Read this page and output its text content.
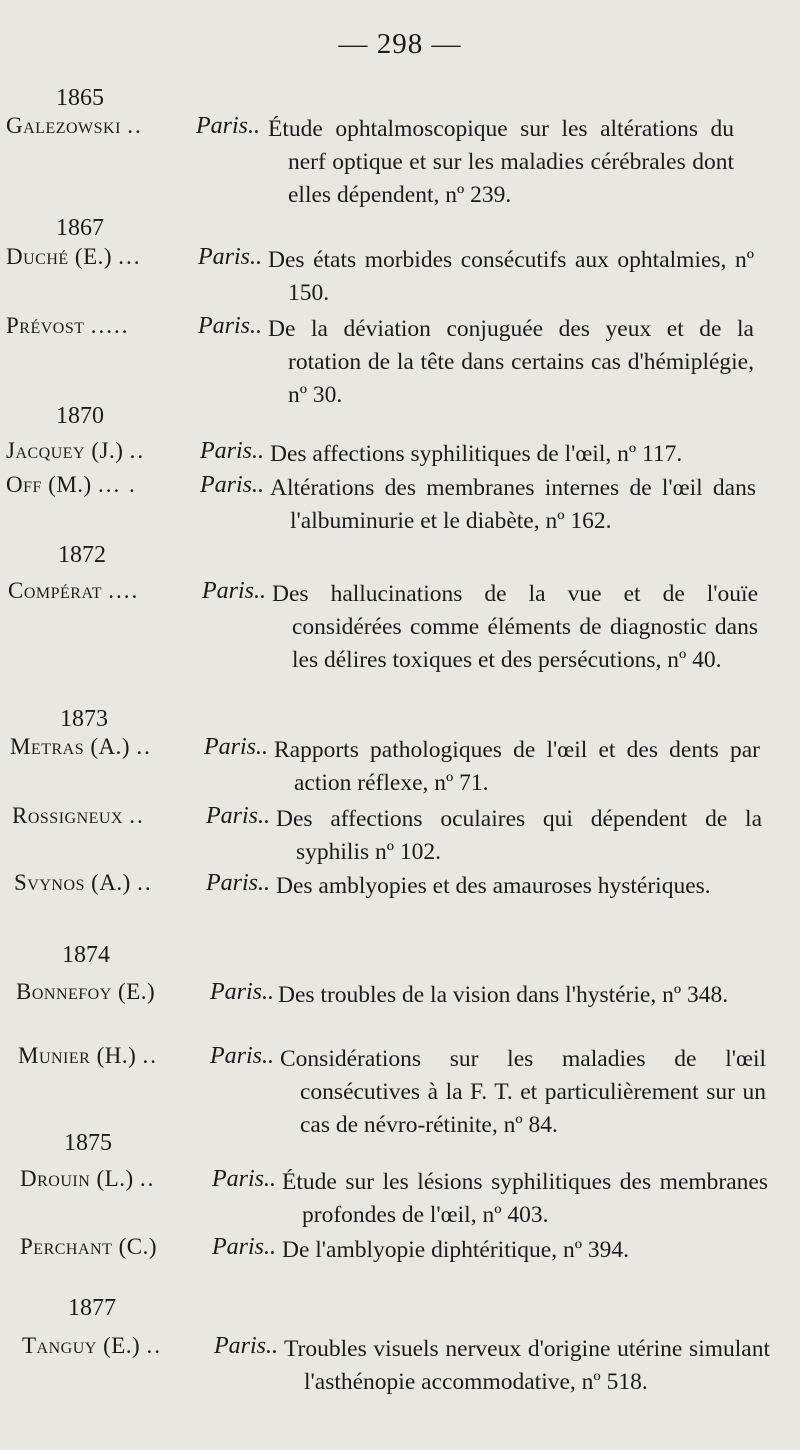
— 298 —
1865
Galezowski ..	Paris.. Étude ophtalmoscopique sur les altérations du nerf optique et sur les maladies cérébrales dont elles dépendent, nº 239.
1867
Duché (E.) ...	Paris.. Des états morbides consécutifs aux ophtalmies, nº 150.
Prévost .....	Paris.. De la déviation conjuguée des yeux et de la rotation de la tête dans certains cas d'hémiplégie, nº 30.
1870
Jacquey (J.) ..	Paris.. Des affections syphilitiques de l'œil, nº 117.
Off (M.) ... .	Paris.. Altérations des membranes internes de l'œil dans l'albuminurie et le diabète, nº 162.
1872
Compérat ....	Paris.. Des hallucinations de la vue et de l'ouïe considérées comme éléments de diagnostic dans les délires toxiques et des persécutions, nº 40.
1873
Metras (A.) ..	Paris.. Rapports pathologiques de l'œil et des dents par action réflexe, nº 71.
Rossigneux ..	Paris.. Des affections oculaires qui dépendent de la syphilis nº 102.
Svynos (A.) ..	Paris.. Des amblyopies et des amauroses hystériques.
1874
Bonnefoy (E.)	Paris.. Des troubles de la vision dans l'hystérie, nº 348.
Munier (H.) ..	Paris.. Considérations sur les maladies de l'œil consécutives à la F. T. et particulièrement sur un cas de névro-rétinite, nº 84.
1875
Drouin (L.) ..	Paris.. Étude sur les lésions syphilitiques des membranes profondes de l'œil, nº 403.
Perchant (C.)	Paris.. De l'amblyopie diphtéritique, nº 394.
1877
Tanguy (E.) ..	Paris.. Troubles visuels nerveux d'origine utérine simulant l'asthénopie accommodative, nº 518.
